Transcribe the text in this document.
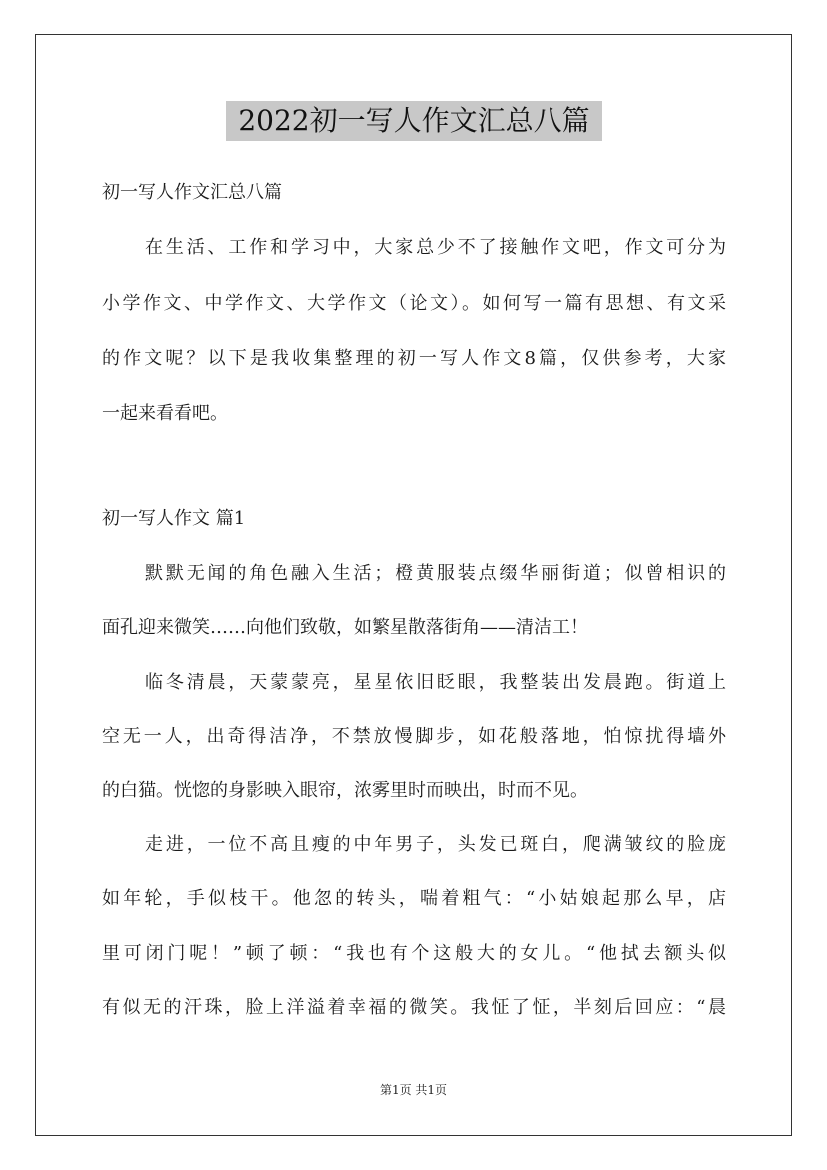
2022初一写人作文汇总八篇
初一写人作文汇总八篇
在生活、工作和学习中，大家总少不了接触作文吧，作文可分为
小学作文、中学作文、大学作文（论文）。如何写一篇有思想、有文采
的作文呢？以下是我收集整理的初一写人作文8篇，仅供参考，大家
一起来看看吧。
初一写人作文 篇1
默默无闻的角色融入生活；橙黄服装点缀华丽街道；似曾相识的
面孔迎来微笑……向他们致敬，如繁星散落街角——清洁工！
临冬清晨，天蒙蒙亮，星星依旧眨眼，我整装出发晨跑。街道上
空无一人，出奇得洁净，不禁放慢脚步，如花般落地，怕惊扰得墙外
的白猫。恍惚的身影映入眼帘，浓雾里时而映出，时而不见。
走进，一位不高且瘦的中年男子，头发已斑白，爬满皱纹的脸庞
如年轮，手似枝干。他忽的转头，喘着粗气：“小姑娘起那么早，店
里可闭门呢！”顿了顿：“我也有个这般大的女儿。“他拭去额头似
有似无的汗珠，脸上洋溢着幸福的微笑。我怔了怔，半刻后回应：“晨
第1页 共1页
